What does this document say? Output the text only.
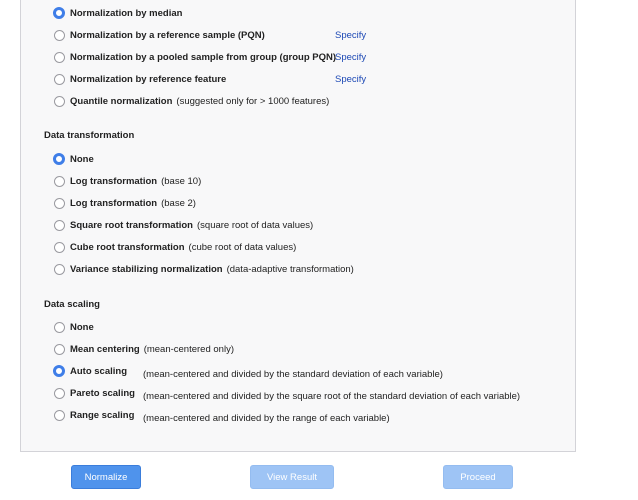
Normalization by median
Normalization by a reference sample (PQN)	Specify
Normalization by a pooled sample from group (group PQN)
Specify
Normalization by reference feature	Specify
Quantile normalization (suggested only for > 1000 features)
Data transformation
None
Log transformation (base 10)
Log transformation (base 2)
Square root transformation (square root of data values)
Cube root transformation (cube root of data values)
Variance stabilizing normalization (data-adaptive transformation)
Data scaling
None
Mean centering (mean-centered only)
Auto scaling (mean-centered and divided by the standard deviation of each variable)
Pareto scaling (mean-centered and divided by the square root of the standard deviation of each variable)
Range scaling (mean-centered and divided by the range of each variable)
Normalize	View Result	Proceed
